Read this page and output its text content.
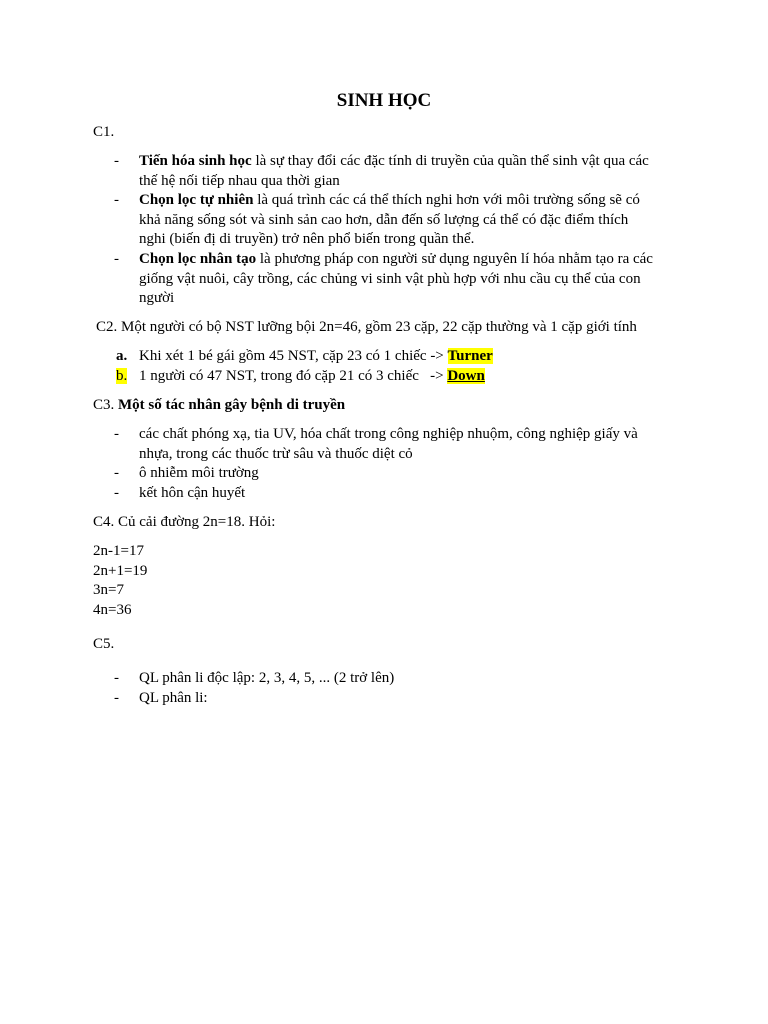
SINH HỌC
C1.
- Tiến hóa sinh học là sự thay đổi các đặc tính di truyền của quần thể sinh vật qua các
thế hệ nối tiếp nhau qua thời gian
- Chọn lọc tự nhiên là quá trình các cá thể thích nghi hơn với môi trường sống sẽ có
khả năng sống sót và sinh sản cao hơn, dẫn đến số lượng cá thể có đặc điểm thích
nghi (biến đị di truyền) trở nên phổ biến trong quần thể.
- Chọn lọc nhân tạo là phương pháp con người sử dụng nguyên lí hóa nhằm tạo ra các
giống vật nuôi, cây trồng, các chủng vi sinh vật phù hợp với nhu cầu cụ thể của con
người
C2. Một người có bộ NST lưỡng bội 2n=46, gồm 23 cặp, 22 cặp thường và 1 cặp giới tính
a. Khi xét 1 bé gái gồm 45 NST, cặp 23 có 1 chiếc -> Turner
b. 1 người có 47 NST, trong đó cặp 21 có 3 chiếc   -> Down
C3. Một số tác nhân gây bệnh di truyền
- các chất phóng xạ, tia UV, hóa chất trong công nghiệp nhuộm, công nghiệp giấy và
nhựa, trong các thuốc trừ sâu và thuốc diệt cỏ
- ô nhiễm môi trường
- kết hôn cận huyết
C4. Củ cải đường 2n=18. Hỏi:
2n-1=17
2n+1=19
3n=7
4n=36
C5.
- QL phân li độc lập: 2, 3, 4, 5, ... (2 trở lên)
- QL phân li:
